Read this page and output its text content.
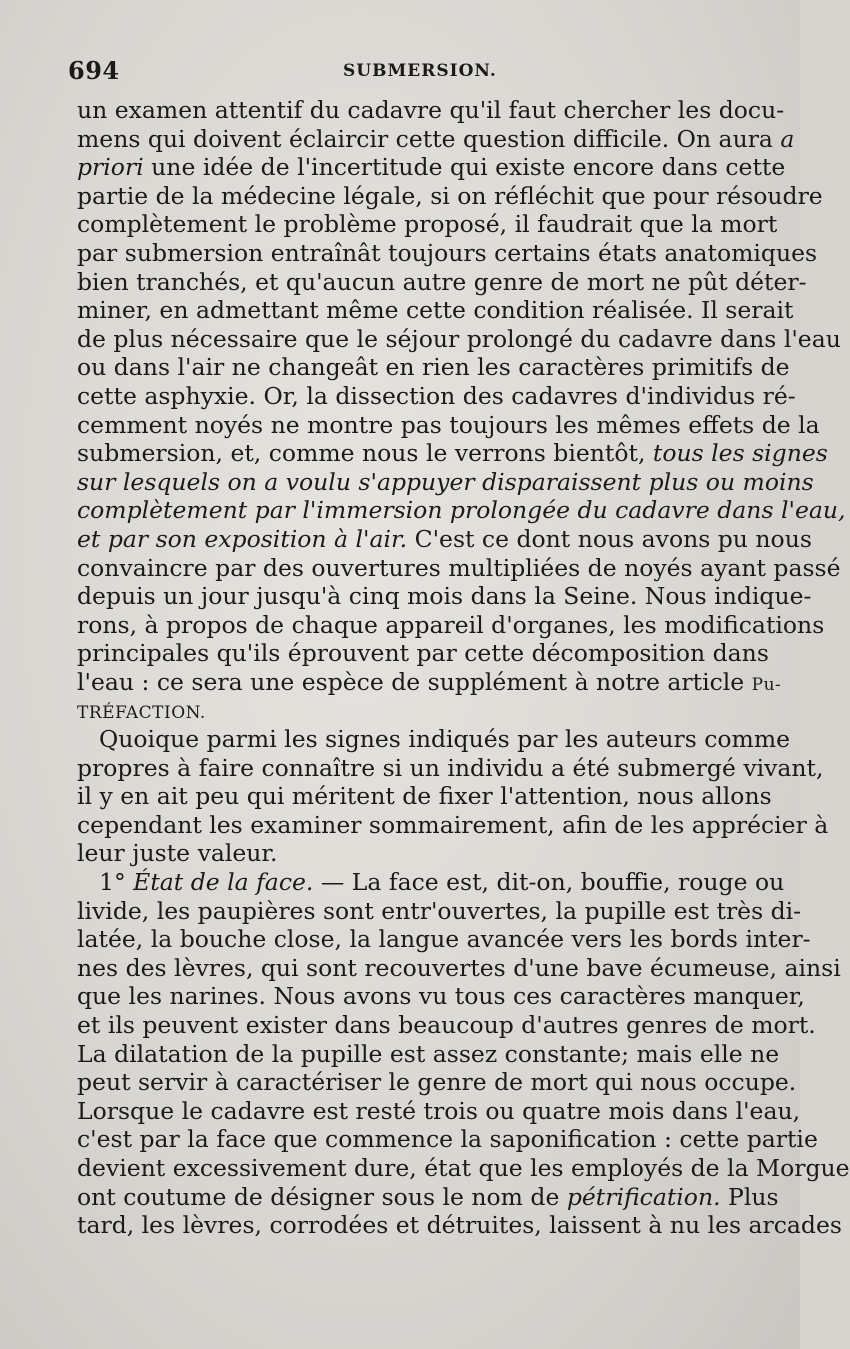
694	SUBMERSION.
un examen attentif du cadavre qu'il faut chercher les docu-
mens qui doivent éclaircir cette question difficile. On aura a
priori une idée de l'incertitude qui existe encore dans cette
partie de la médecine légale, si on réfléchit que pour résoudre
complètement le problème proposé, il faudrait que la mort
par submersion entraînât toujours certains états anatomiques
bien tranchés, et qu'aucun autre genre de mort ne pût déter-
miner, en admettant même cette condition réalisée. Il serait
de plus nécessaire que le séjour prolongé du cadavre dans l'eau
ou dans l'air ne changeât en rien les caractères primitifs de
cette asphyxie. Or, la dissection des cadavres d'individus ré-
cemment noyés ne montre pas toujours les mêmes effets de la
submersion, et, comme nous le verrons bientôt, tous les signes
sur lesquels on a voulu s'appuyer disparaissent plus ou moins
complètement par l'immersion prolongée du cadavre dans l'eau,
et par son exposition à l'air. C'est ce dont nous avons pu nous
convaincre par des ouvertures multipliées de noyés ayant passé
depuis un jour jusqu'à cinq mois dans la Seine. Nous indique-
rons, à propos de chaque appareil d'organes, les modifications
principales qu'ils éprouvent par cette décomposition dans
l'eau : ce sera une espèce de supplément à notre article Pu-
TRÉFACTION.
Quoique parmi les signes indiqués par les auteurs comme
propres à faire connaître si un individu a été submergé vivant,
il y en ait peu qui méritent de fixer l'attention, nous allons
cependant les examiner sommairement, afin de les apprécier à
leur juste valeur.
1° État de la face. — La face est, dit-on, bouffie, rouge ou
livide, les paupières sont entr'ouvertes, la pupille est très di-
latée, la bouche close, la langue avancée vers les bords inter-
nes des lèvres, qui sont recouvertes d'une bave écumeuse, ainsi
que les narines. Nous avons vu tous ces caractères manquer,
et ils peuvent exister dans beaucoup d'autres genres de mort.
La dilatation de la pupille est assez constante; mais elle ne
peut servir à caractériser le genre de mort qui nous occupe.
Lorsque le cadavre est resté trois ou quatre mois dans l'eau,
c'est par la face que commence la saponification : cette partie
devient excessivement dure, état que les employés de la Morgue
ont coutume de désigner sous le nom de pétrification. Plus
tard, les lèvres, corrodées et détruites, laissent à nu les arcades
